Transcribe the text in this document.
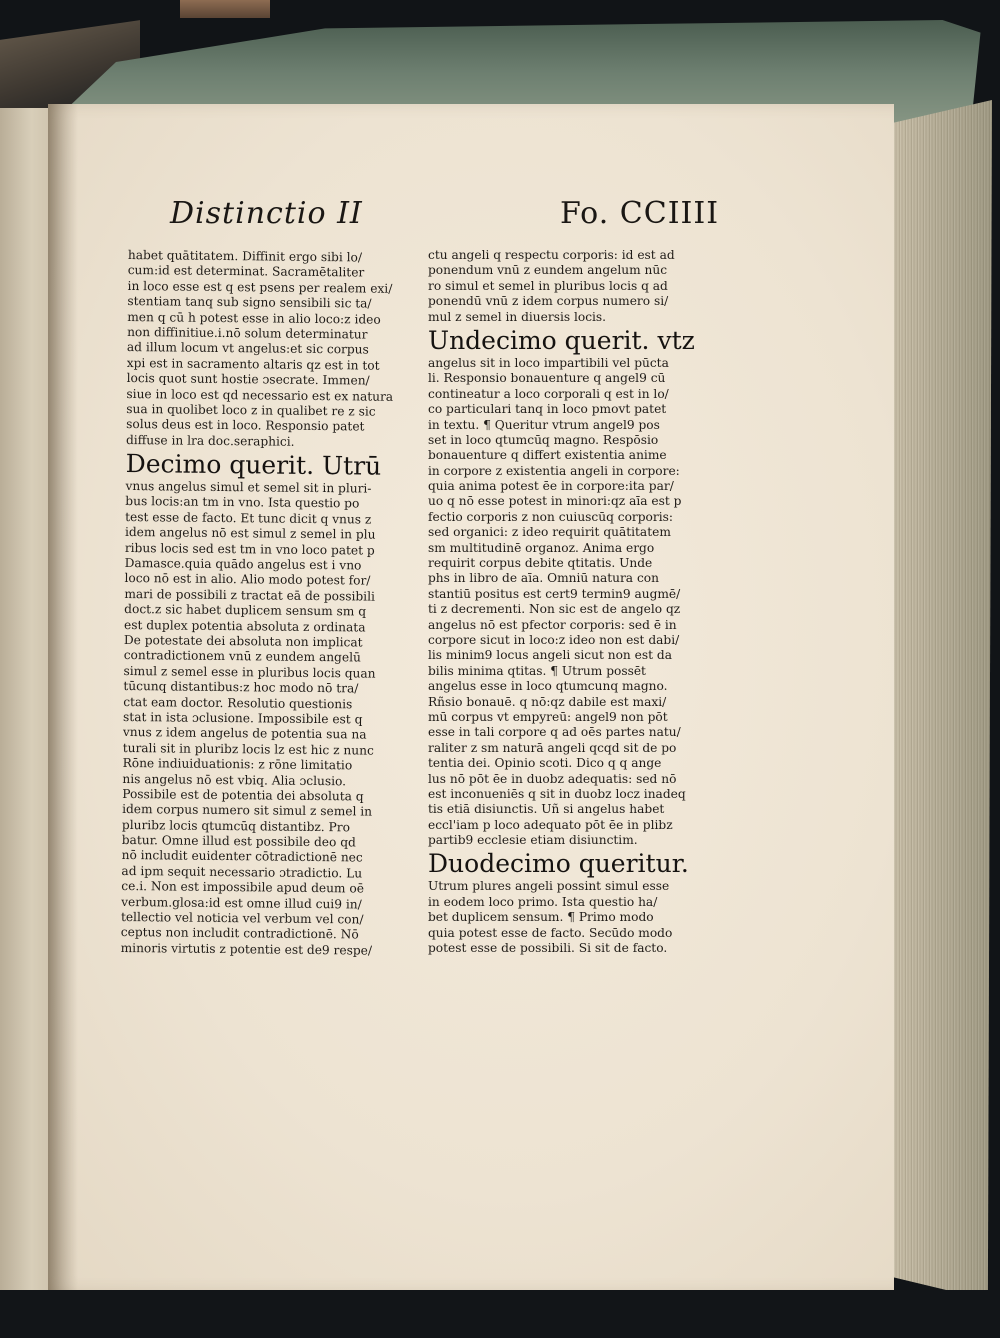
Distinctio II	Fo. CCIIII
habet quātitatem. Diffinit ergo sibi lo/
cum:id est determinat. Sacramētaliter
in loco esse est q est psens per realem exi/
stentiam tanq sub signo sensibili sic ta/
men q cū h potest esse in alio loco:z ideo
non diffinitiue.i.nō solum determinatur
ad illum locum vt angelus:et sic corpus
xpi est in sacramento altaris qz est in tot
locis quot sunt hostie ɔsecrate. Immen/
siue in loco est qd necessario est ex natura
sua in quolibet loco z in qualibet re z sic
solus deus est in loco. Responsio patet
diffuse in lra doc.seraphici.
Decimo querit. Utrū
vnus angelus simul et semel sit in pluri-
bus locis:an tm in vno. Ista questio po
test esse de facto. Et tunc dicit q vnus z
idem angelus nō est simul z semel in plu
ribus locis sed est tm in vno loco patet p
Damasce.quia quādo angelus est i vno
loco nō est in alio. Alio modo potest for/
mari de possibili z tractat eā de possibili
doct.z sic habet duplicem sensum sm q
est duplex potentia absoluta z ordinata
De potestate dei absoluta non implicat
contradictionem vnū z eundem angelū
simul z semel esse in pluribus locis quan
tūcunq distantibus:z hoc modo nō tra/
ctat eam doctor. Resolutio questionis
stat in ista ɔclusione. Impossibile est q
vnus z idem angelus de potentia sua na
turali sit in pluribz locis lz est hic z nunc
Rōne indiuiduationis: z rōne limitatio
nis angelus nō est vbiq. Alia ɔclusio.
Possibile est de potentia dei absoluta q
idem corpus numero sit simul z semel in
pluribz locis qtumcūq distantibz. Pro
batur. Omne illud est possibile deo qd
nō includit euidenter cōtradictionē nec
ad ipm sequit necessario ɔtradictio. Lu
ce.i. Non est impossibile apud deum oē
verbum.glosa:id est omne illud cui9 in/
tellectio vel noticia vel verbum vel con/
ceptus non includit contradictionē. Nō
minoris virtutis z potentie est de9 respe/
ctu angeli q respectu corporis: id est ad
ponendum vnū z eundem angelum nūc
ro simul et semel in pluribus locis q ad
ponendū vnū z idem corpus numero si/
mul z semel in diuersis locis.
Undecimo querit. vtz
angelus sit in loco impartibili vel pūcta
li. Responsio bonauenture q angel9 cū
contineatur a loco corporali q est in lo/
co particulari tanq in loco pmovt patet
in textu. ¶ Queritur vtrum angel9 pos
set in loco qtumcūq magno. Respōsio
bonauenture q differt existentia anime
in corpore z existentia angeli in corpore:
quia anima potest ēe in corpore:ita par/
uo q nō esse potest in minori:qz aīa est p
fectio corporis z non cuiuscūq corporis:
sed organici: z ideo requirit quātitatem
sm multitudinē organoz. Anima ergo
requirit corpus debite qtitatis. Unde
phs in libro de aīa. Omniū natura con
stantiū positus est cert9 termin9 augmē/
ti z decrementi. Non sic est de angelo qz
angelus nō est pfector corporis: sed ē in
corpore sicut in loco:z ideo non est dabi/
lis minim9 locus angeli sicut non est da
bilis minima qtitas. ¶ Utrum possēt
angelus esse in loco qtumcunq magno.
Rñsio bonauē. q nō:qz dabile est maxi/
mū corpus vt empyreū: angel9 non pōt
esse in tali corpore q ad oēs partes natu/
raliter z sm naturā angeli qcqd sit de po
tentia dei. Opinio scoti. Dico q q ange
lus nō pōt ēe in duobz adequatis: sed nō
est inconueniēs q sit in duobz locz inadeq
tis etiā disiunctis. Uñ si angelus habet
eccl'iam p loco adequato pōt ēe in plibz
partib9 ecclesie etiam disiunctim.
Duodecimo queritur.
Utrum plures angeli possint simul esse
in eodem loco primo. Ista questio ha/
bet duplicem sensum. ¶ Primo modo
quia potest esse de facto. Secūdo modo
potest esse de possibili. Si sit de facto.
